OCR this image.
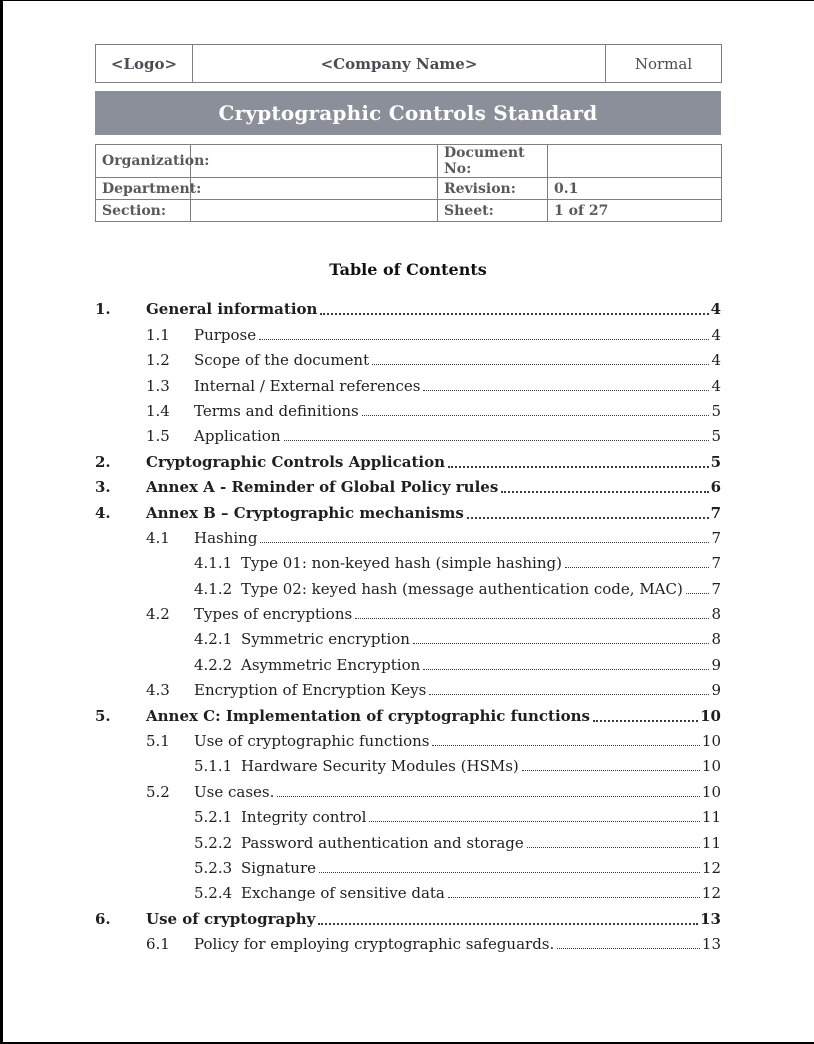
<Logo>	<Company Name>	Normal
Cryptographic Controls Standard
Organization:		Document No:	
Department:		Revision:	0.1
Section:		Sheet:	1 of 27
Table of Contents
1.	General information	4
1.1	Purpose	4
1.2	Scope of the document	4
1.3	Internal / External references	4
1.4	Terms and definitions	5
1.5	Application	5
2.	Cryptographic Controls Application	5
3.	Annex A - Reminder of Global Policy rules	6
4.	Annex B – Cryptographic mechanisms	7
4.1	Hashing	7
4.1.1 Type 01: non-keyed hash (simple hashing)	7
4.1.2 Type 02: keyed hash (message authentication code, MAC) 7
4.2	Types of encryptions	8
4.2.1 Symmetric encryption	8
4.2.2 Asymmetric Encryption	9
4.3	Encryption of Encryption Keys	9
5.	Annex C: Implementation of cryptographic functions	10
5.1	Use of cryptographic functions	10
5.1.1 Hardware Security Modules (HSMs)	10
5.2	Use cases.	10
5.2.1 Integrity control	11
5.2.2 Password authentication and storage	11
5.2.3 Signature	12
5.2.4 Exchange of sensitive data	12
6.	Use of cryptography	13
6.1	Policy for employing cryptographic safeguards.	13
